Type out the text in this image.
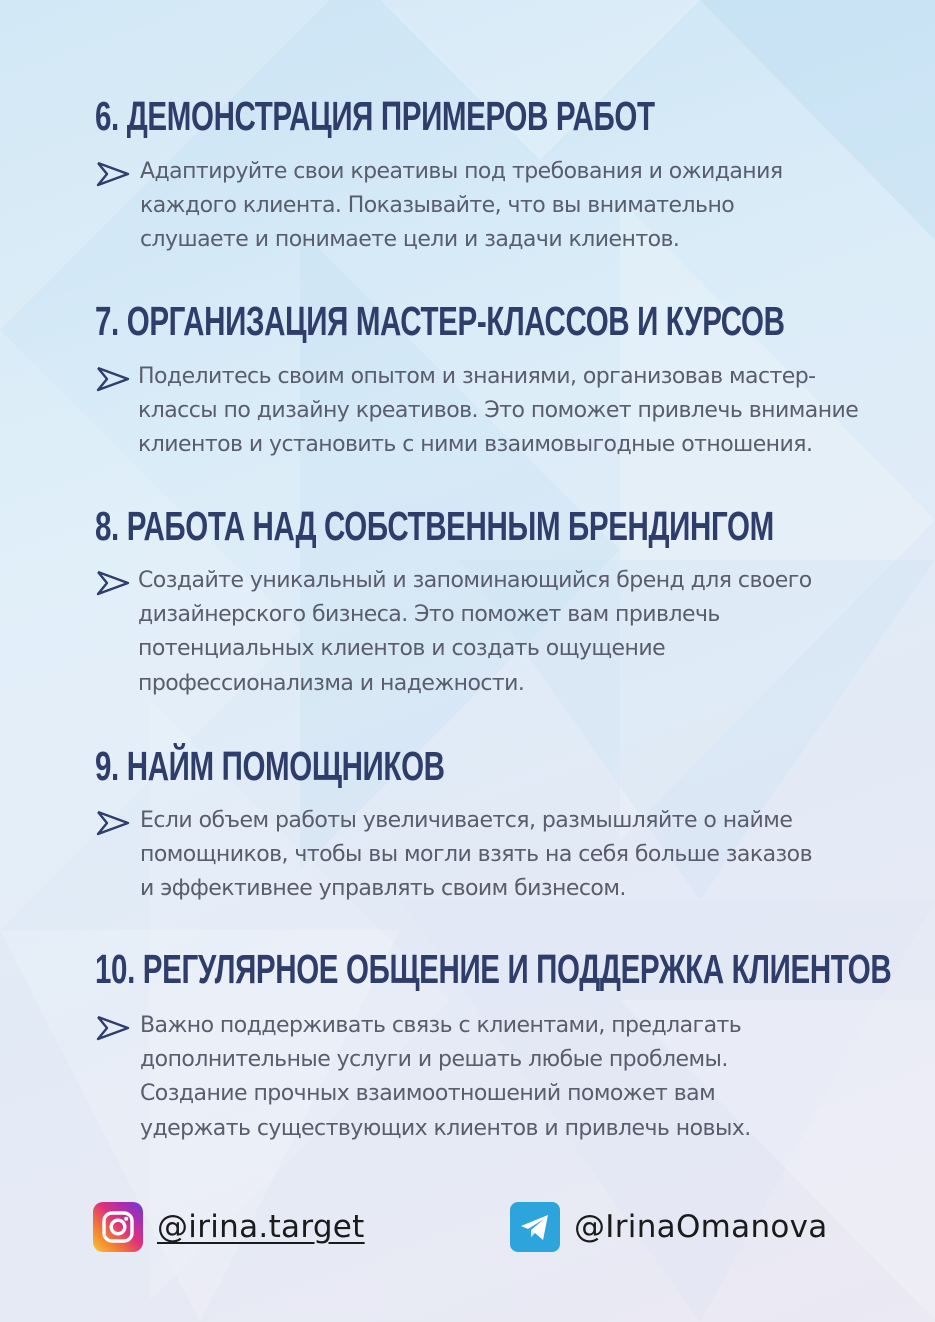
6. ДЕМОНСТРАЦИЯ ПРИМЕРОВ РАБОТ
Адаптируйте свои креативы под требования и ожидания
каждого клиента. Показывайте, что вы внимательно
слушаете и понимаете цели и задачи клиентов.
7. ОРГАНИЗАЦИЯ МАСТЕР-КЛАССОВ И КУРСОВ
Поделитесь своим опытом и знаниями, организовав мастер-
классы по дизайну креативов. Это поможет привлечь внимание
клиентов и установить с ними взаимовыгодные отношения.
8. РАБОТА НАД СОБСТВЕННЫМ БРЕНДИНГОМ
Создайте уникальный и запоминающийся бренд для своего
дизайнерского бизнеса. Это поможет вам привлечь
потенциальных клиентов и создать ощущение
профессионализма и надежности.
9. НАЙМ ПОМОЩНИКОВ
Если объем работы увеличивается, размышляйте о найме
помощников, чтобы вы могли взять на себя больше заказов
и эффективнее управлять своим бизнесом.
10. РЕГУЛЯРНОЕ ОБЩЕНИЕ И ПОДДЕРЖКА КЛИЕНТОВ
Важно поддерживать связь с клиентами, предлагать
дополнительные услуги и решать любые проблемы.
Создание прочных взаимоотношений поможет вам
удержать существующих клиентов и привлечь новых.
@irina.target	@IrinaOmanova
